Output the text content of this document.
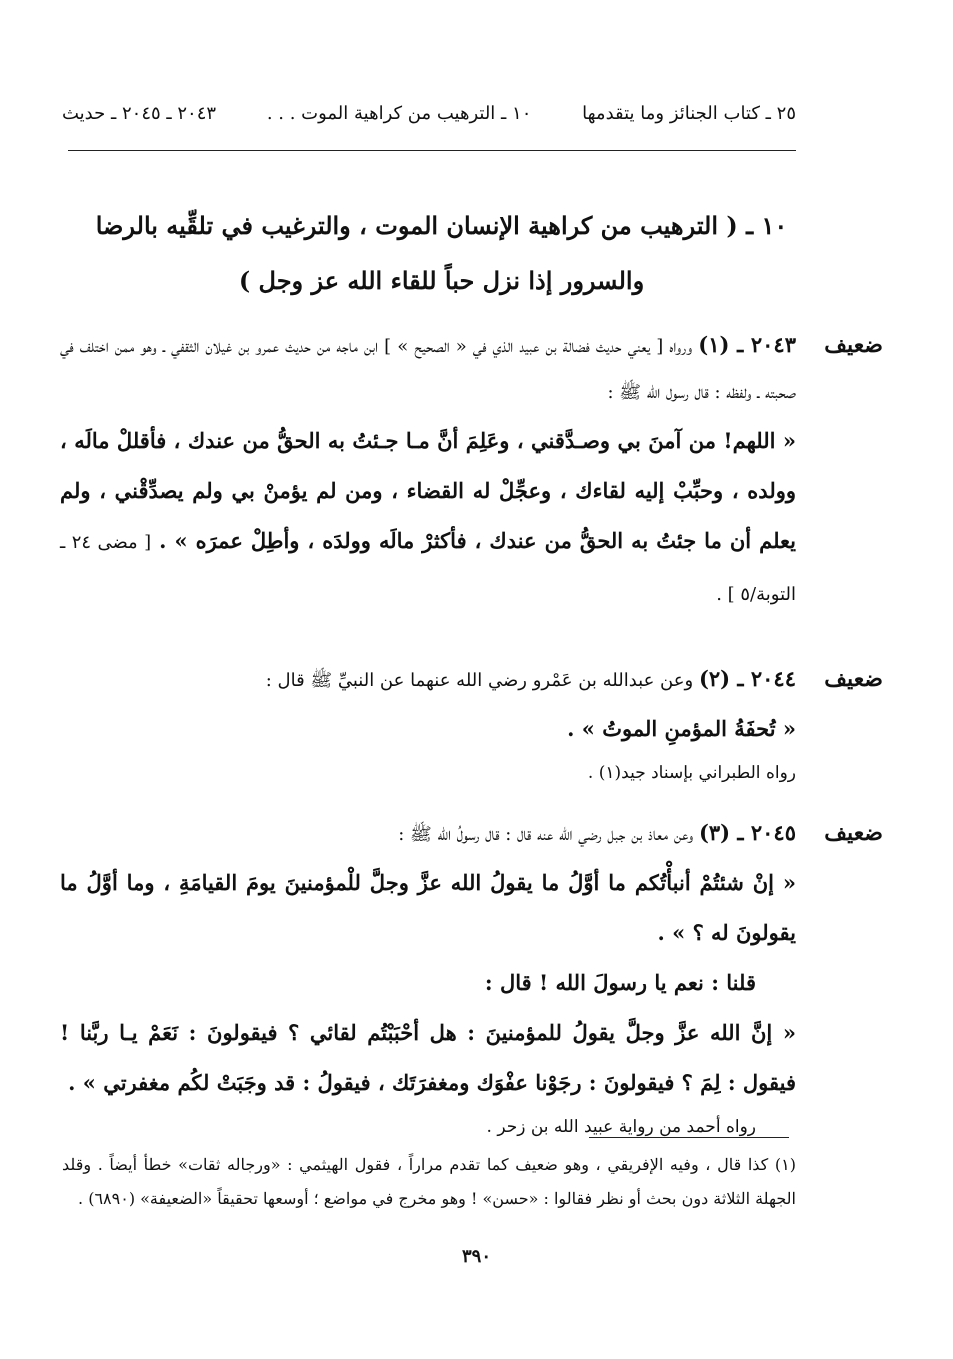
٢٥ ـ كتاب الجنائز وما يتقدمها
١٠ ـ الترهيب من كراهية الموت . . .
٢٠٤٣ ـ ٢٠٤٥ ـ حديث
١٠ ـ ( الترهيب من كراهية الإنسان الموت ، والترغيب في تلقِّيه بالرضا
والسرور إذا نزل حباً للقاء الله عز وجل )
ضعيف
٢٠٤٣ ـ (١) ورواه [ يعني حديث فضالة بن عبيد الذي في « الصحيح » ] ابن ماجه من حديث عمرو بن غيلان الثقفي ـ وهو ممن اختلف في صحبته ـ ولفظه : قال رسول الله ﷺ :
« اللهم! من آمنَ بي وصـدَّقني ، وعَلِمَ أنَّ مـا جـئتُ به الحقُّ من عندك ، فأقللْ مالَه ، وولده ، وحبِّبْ إليه لقاءك ، وعجِّلْ له القضاء ، ومن لم يؤمنْ بي ولم يصدِّقْني ، ولم يعلم أن ما جئتُ به الحقُّ من عندك ، فأكثرْ مالَه وولدَه ، وأطِلْ عمرَه » . [ مضى ٢٤ ـ التوبة/٥ ] .
ضعيف
٢٠٤٤ ـ (٢) وعن عبدالله بن عَمْرو رضي الله عنهما عن النبيِّ ﷺ قال :
« تُحفَةُ المؤمنِ الموتُ » .
رواه الطبراني بإسناد جيد(١) .
ضعيف
٢٠٤٥ ـ (٣) وعن معاذ بن جبل رضي الله عنه قال : قال رسولُ الله ﷺ :
« إنْ شئتُمْ أنبأْتُكم ما أوَّلُ ما يقولُ الله عزَّ وجلَّ للْمؤمنينَ يومَ القيامَةِ ، وما أوَّلُ ما يقولونَ له ؟ » .
قلنا : نعم يا رسولَ الله ! قال :
« إنَّ الله عزَّ وجلَّ يقولُ للمؤمنينَ : هل أحْبَبْتُم لقائي ؟ فيقولونَ : نَعَمْ يـا ربَّنا ! فيقول : لِمَ ؟ فيقولونَ : رجَوْنا عفْوَك ومغفرَتَك ، فيقولُ : قد وجَبَتْ لكُم مغفرتي » .
رواه أحمد من رواية عبيد الله بن زحر .
(١) كذا قال ، وفيه الإفريقي ، وهو ضعيف كما تقدم مراراً ، فقول الهيثمي : «ورجاله ثقات» خطأ أيضاً . وقلد الجهلة الثلاثة دون بحث أو نظر فقالوا : «حسن» ! وهو مخرج في مواضع ؛ أوسعها تحقيقاً «الضعيفة» (٦٨٩٠) .
٣٩٠
